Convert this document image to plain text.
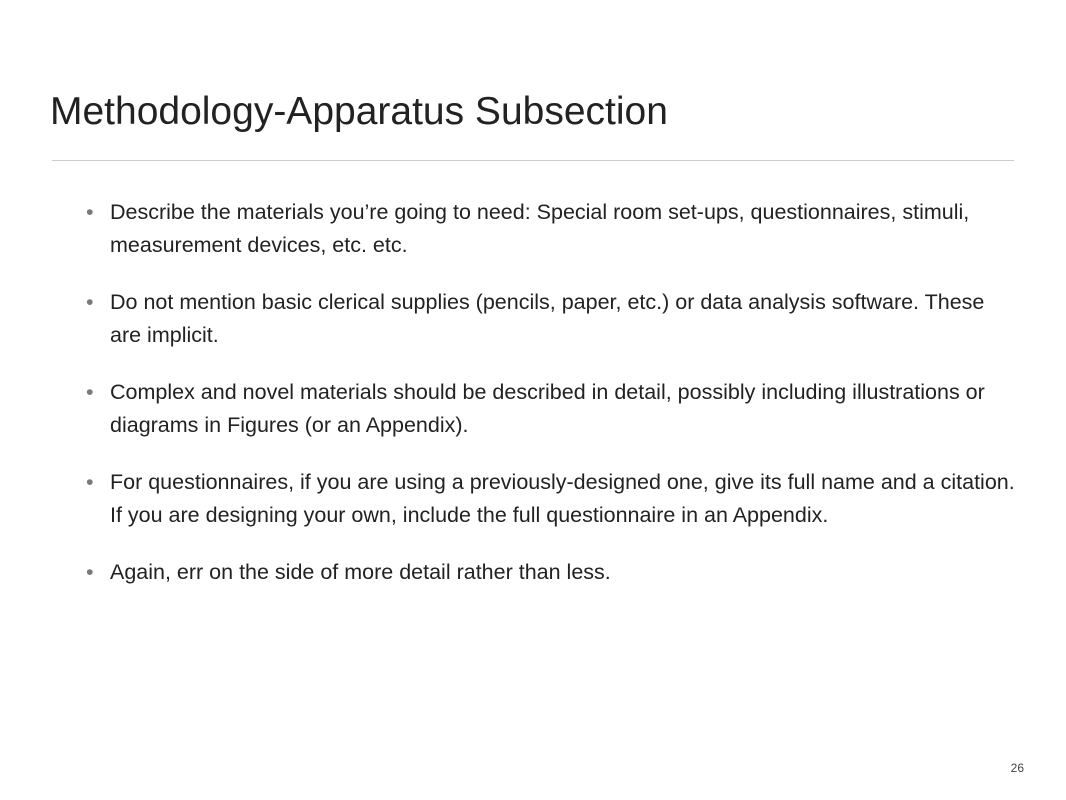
Methodology-Apparatus Subsection
• Describe the materials you’re going to need: Special room set-ups, questionnaires, stimuli, measurement devices, etc. etc.
• Do not mention basic clerical supplies (pencils, paper, etc.) or data analysis software. These are implicit.
• Complex and novel materials should be described in detail, possibly including illustrations or diagrams in Figures (or an Appendix).
• For questionnaires, if you are using a previously-designed one, give its full name and a citation. If you are designing your own, include the full questionnaire in an Appendix.
• Again, err on the side of more detail rather than less.
26
